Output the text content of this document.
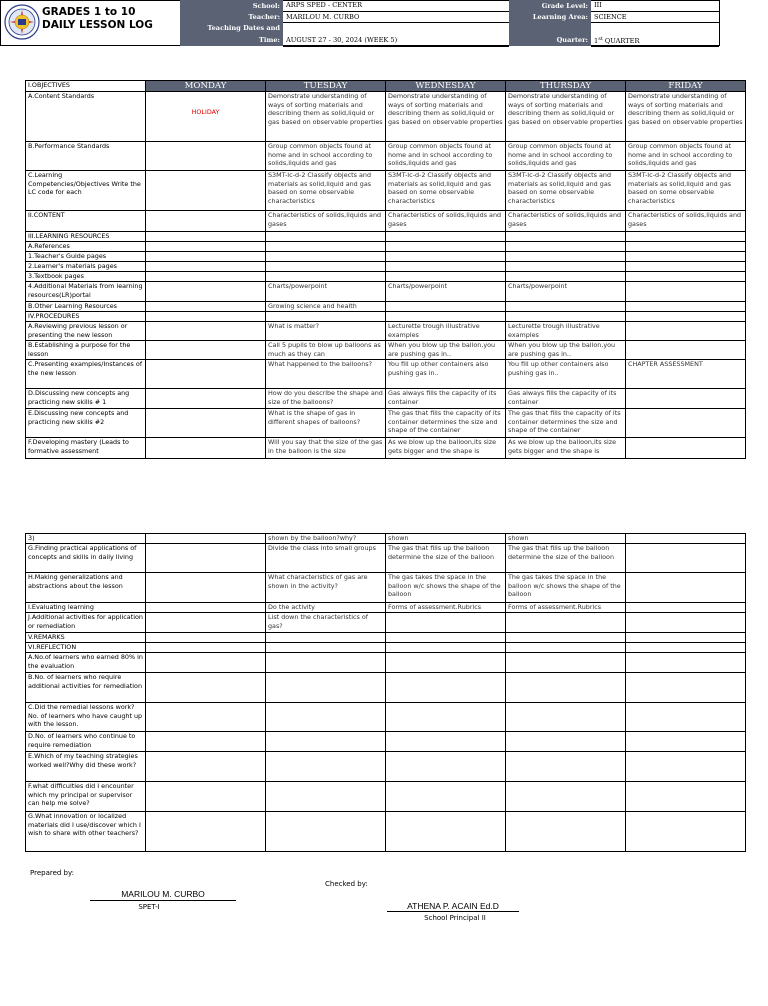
GRADES 1 to 10
DAILY LESSON LOG
School:	ARPS SPED - CENTER	Grade Level:	III
Teacher:	MARILOU M. CURBO	Learning Area:	SCIENCE
Teaching Dates and			
Time:	AUGUST 27 - 30, 2024 (WEEK 5)	Quarter:	1st QUARTER
I.OBJECTIVES	MONDAY	TUESDAY	WEDNESDAY	THURSDAY	FRIDAY
A.Content Standards	HOLIDAY	Demonstrate understanding of ways of sorting materials and describing them as solid,liquid or gas based on observable properties	Demonstrate understanding of ways of sorting materials and describing them as solid,liquid or gas based on observable properties	Demonstrate understanding of ways of sorting materials and describing them as solid,liquid or gas based on observable properties	Demonstrate understanding of ways of sorting materials and describing them as solid,liquid or gas based on observable properties
B.Performance Standards		Group common objects found at home and in school according to solids,liquids and gas	Group common objects found at home and in school according to solids,liquids and gas	Group common objects found at home and in school according to solids,liquids and gas	Group common objects found at home and in school according to solids,liquids and gas
C.Learning Competencies/Objectives Write the LC code for each		S3MT-Ic-d-2 Classify objects and materials as solid,liquid and gas based on some observable characteristics	S3MT-Ic-d-2 Classify objects and materials as solid,liquid and gas based on some observable characteristics	S3MT-Ic-d-2 Classify objects and materials as solid,liquid and gas based on some observable characteristics	S3MT-Ic-d-2 Classify objects and materials as solid,liquid and gas based on some observable characteristics
II.CONTENT		Characteristics of solids,liquids and gases	Characteristics of solids,liquids and gases	Characteristics of solids,liquids and gases	Characteristics of solids,liquids and gases
III.LEARNING RESOURCES					
A.References					
1.Teacher's Guide pages					
2.Learner's materials pages					
3.Textbook pages					
4.Additional Materials from learning resources(LR)portal		Charts/powerpoint	Charts/powerpoint	Charts/powerpoint	
B.Other Learning Resources		Growing science and health			
IV.PROCEDURES					
A.Reviewing previous lesson or presenting the new lesson		What is matter?	Lecturette trough illustrative examples	Lecturette trough illustrative examples	
B.Establishing a purpose for the lesson		Call 5 pupils to blow up balloons as much as they can	When you blow up the ballon,you are pushing gas in..	When you blow up the ballon,you are pushing gas in..	
C.Presenting examples/Instances of the new lesson		What happened to the balloons?	You fill up other containers also pushing gas in..	You fill up other containers also pushing gas in..	CHAPTER ASSESSMENT
D.Discussing new concepts ang practicing new skills # 1		How do you describe the shape and size of the balloons?	Gas always fills the capacity of its container	Gas always fills the capacity of its container	
E.Discussing new concepts and practicing new skills #2		What is the shape of gas in different shapes of balloons?	The gas that fills the capacity of its container determines the size and shape of the container	The gas that fills the capacity of its container determines the size and shape of the container	
F.Developing mastery (Leads to formative assessment		Will you say that the size of the gas in the balloon is the size	As we blow up the balloon,its size gets bigger and the shape is	As we blow up the balloon,its size gets bigger and the shape is	
3)		shown by the balloon?why?	shown	shown	
G.Finding practical applications of concepts and skills in daily living		Divide the class into small groups	The gas that fills up the balloon determine the size of the balloon	The gas that fills up the balloon determine the size of the balloon	
H.Making generalizations and abstractions about the lesson		What characteristics of gas are shown in the activity?	The gas takes the space in the balloon w/c shows the shape of the balloon	The gas takes the space in the balloon w/c shows the shape of the balloon	
I.Evaluating learning		Do the activity	Forms of assessment.Rubrics	Forms of assessment.Rubrics	
J.Additional activities for application or remediation		List down the characteristics of gas?			
V.REMARKS					
VI.REFLECTION					
A.No.of learners who earned 80% in the evaluation					
B.No. of learners who require additional activities for remediation					
C.Did the remedial lessons work?No. of learners who have caught up with the lesson.					
D.No. of learners who continue to require remediation					
E.Which of my teaching strategies worked well?Why did these work?					
F.what difficulties did I encounter which my principal or supervisor can help me solve?					
G.What innovation or localized materials did I use/discover which I wish to share with other teachers?					
Prepared by:
MARILOU M. CURBO
SPET-I
Checked by:
ATHENA P. ACAIN Ed.D
School Principal II
